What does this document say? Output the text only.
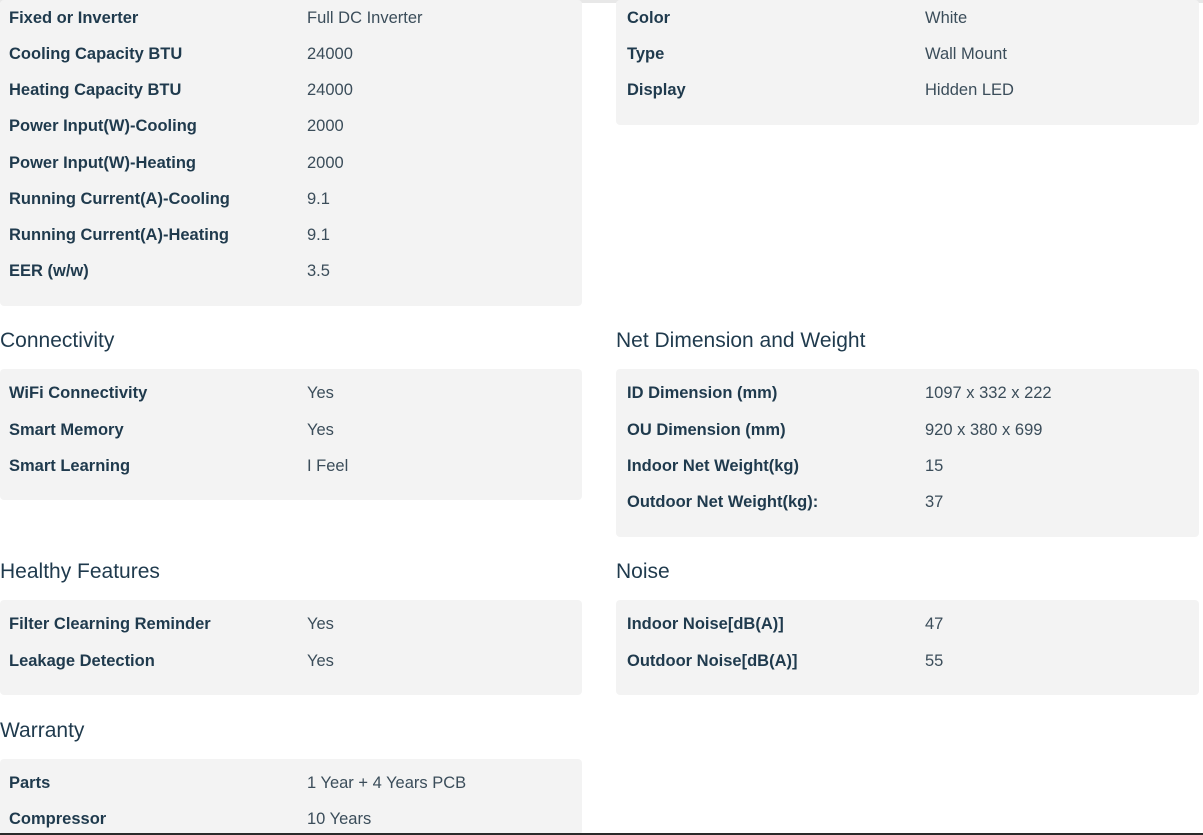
Fixed or Inverter	Full DC Inverter
Cooling Capacity BTU	24000
Heating Capacity BTU	24000
Power Input(W)-Cooling	2000
Power Input(W)-Heating	2000
Running Current(A)-Cooling	9.1
Running Current(A)-Heating	9.1
EER (w/w)	3.5
Color	White
Type	Wall Mount
Display	Hidden LED
Connectivity
WiFi Connectivity	Yes
Smart Memory	Yes
Smart Learning	I Feel
Net Dimension and Weight
ID Dimension (mm)	1097 x 332 x 222
OU Dimension (mm)	920 x 380 x 699
Indoor Net Weight(kg)	15
Outdoor Net Weight(kg):	37
Healthy Features
Filter Clearning Reminder	Yes
Leakage Detection	Yes
Noise
Indoor Noise[dB(A)]	47
Outdoor Noise[dB(A)]	55
Warranty
Parts	1 Year + 4 Years PCB
Compressor	10 Years
